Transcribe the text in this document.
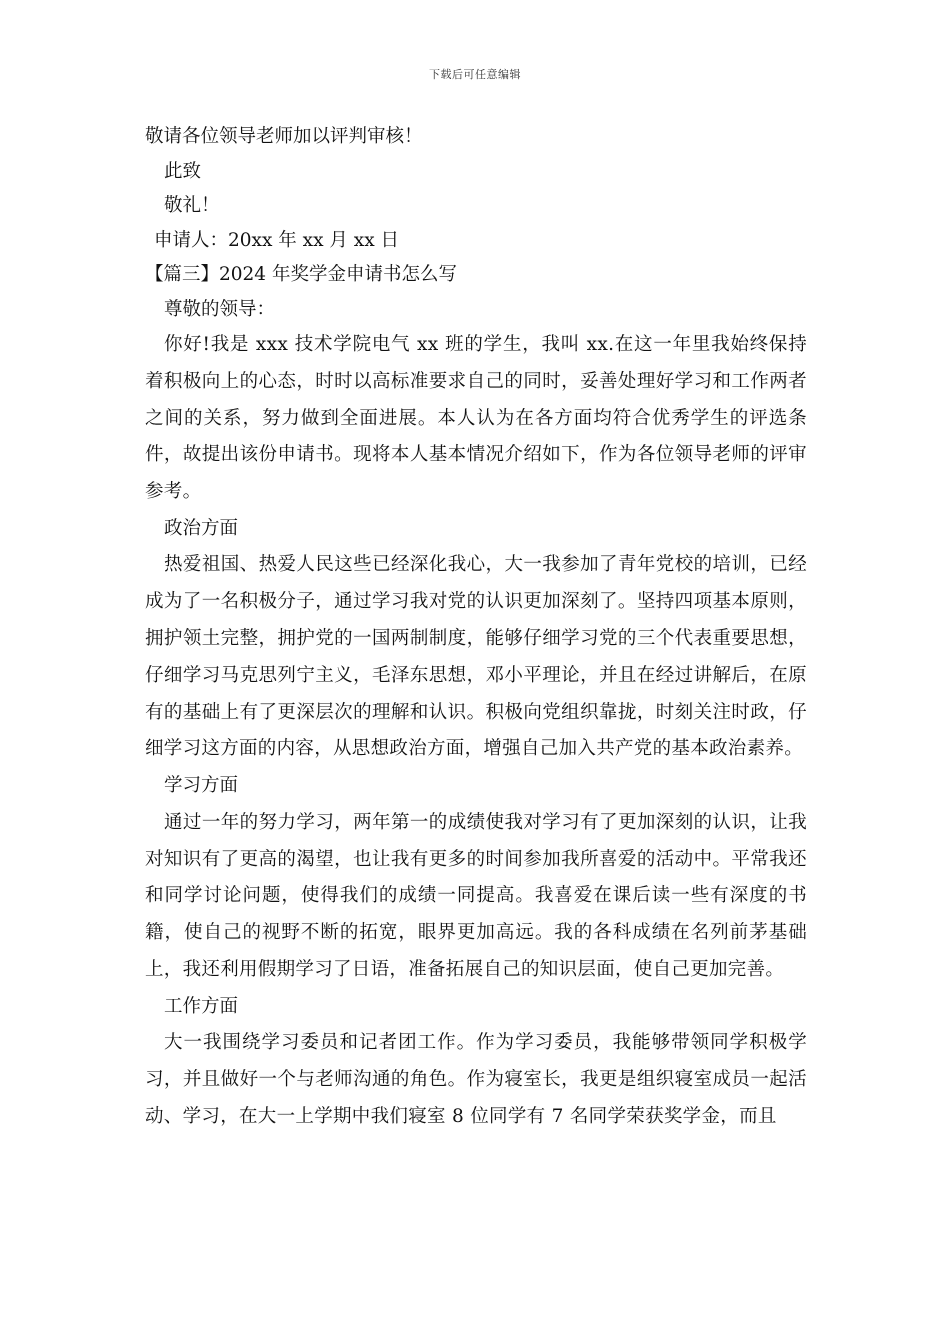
下载后可任意编辑
敬请各位领导老师加以评判审核！
此致
敬礼！
申请人：20xx 年 xx 月 xx 日
【篇三】2024 年奖学金申请书怎么写
尊敬的领导：

你好!我是 xxx 技术学院电气 xx 班的学生，我叫 xx.在这一年里我始终保持着积极向上的心态，时时以高标准要求自己的同时，妥善处理好学习和工作两者之间的关系，努力做到全面进展。本人认为在各方面均符合优秀学生的评选条件，故提出该份申请书。现将本人基本情况介绍如下，作为各位领导老师的评审参考。

政治方面

热爱祖国、热爱人民这些已经深化我心，大一我参加了青年党校的培训，已经成为了一名积极分子，通过学习我对党的认识更加深刻了。坚持四项基本原则，拥护领土完整，拥护党的一国两制制度，能够仔细学习党的三个代表重要思想，仔细学习马克思列宁主义，毛泽东思想，邓小平理论，并且在经过讲解后，在原有的基础上有了更深层次的理解和认识。积极向党组织靠拢，时刻关注时政，仔细学习这方面的内容，从思想政治方面，增强自己加入共产党的基本政治素养。

学习方面

通过一年的努力学习，两年第一的成绩使我对学习有了更加深刻的认识，让我对知识有了更高的渴望，也让我有更多的时间参加我所喜爱的活动中。平常我还和同学讨论问题，使得我们的成绩一同提高。我喜爱在课后读一些有深度的书籍，使自己的视野不断的拓宽，眼界更加高远。我的各科成绩在名列前茅基础上，我还利用假期学习了日语，准备拓展自己的知识层面，使自己更加完善。

工作方面

大一我围绕学习委员和记者团工作。作为学习委员，我能够带领同学积极学习，并且做好一个与老师沟通的角色。作为寝室长，我更是组织寝室成员一起活动、学习，在大一上学期中我们寝室 8 位同学有 7 名同学荣获奖学金，而且
